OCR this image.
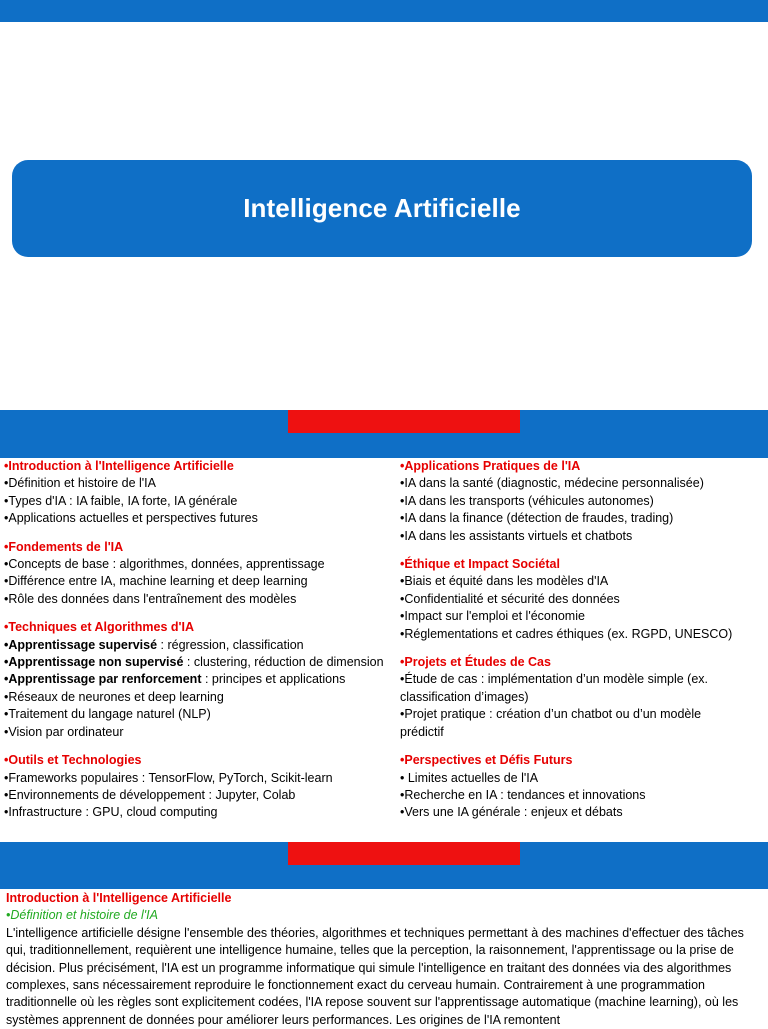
Intelligence Artificielle
•Introduction à l'Intelligence Artificielle
•Définition et histoire de l'IA
•Types d'IA : IA faible, IA forte, IA générale
•Applications actuelles et perspectives futures
•Fondements de l'IA
•Concepts de base : algorithmes, données, apprentissage
•Différence entre IA, machine learning et deep learning
•Rôle des données dans l'entraînement des modèles
•Techniques et Algorithmes d'IA
•Apprentissage supervisé : régression, classification
•Apprentissage non supervisé : clustering, réduction de dimension
•Apprentissage par renforcement : principes et applications
•Réseaux de neurones et deep learning
•Traitement du langage naturel (NLP)
•Vision par ordinateur
•Outils et Technologies
•Frameworks populaires : TensorFlow, PyTorch, Scikit-learn
•Environnements de développement : Jupyter, Colab
•Infrastructure : GPU, cloud computing
•Applications Pratiques de l'IA
•IA dans la santé (diagnostic, médecine personnalisée)
•IA dans les transports (véhicules autonomes)
•IA dans la finance (détection de fraudes, trading)
•IA dans les assistants virtuels et chatbots
•Éthique et Impact Sociétal
•Biais et équité dans les modèles d'IA
•Confidentialité et sécurité des données
•Impact sur l'emploi et l'économie
•Réglementations et cadres éthiques (ex. RGPD, UNESCO)
•Projets et Études de Cas
•Étude de cas : implémentation d’un modèle simple (ex.
classification d’images)
•Projet pratique : création d’un chatbot ou d’un modèle
prédictif
•Perspectives et Défis Futurs
• Limites actuelles de l'IA
•Recherche en IA : tendances et innovations
•Vers une IA générale : enjeux et débats
Introduction à l'Intelligence Artificielle
•Définition et histoire de l'IA
L'intelligence artificielle désigne l'ensemble des théories, algorithmes et techniques permettant à des machines d'effectuer des tâches qui, traditionnellement, requièrent une intelligence humaine, telles que la perception, la raisonnement, l'apprentissage ou la prise de décision. Plus précisément, l'IA est un programme informatique qui simule l'intelligence en traitant des données via des algorithmes complexes, sans nécessairement reproduire le fonctionnement exact du cerveau humain. Contrairement à une programmation traditionnelle où les règles sont explicitement codées, l'IA repose souvent sur l'apprentissage automatique (machine learning), où les systèmes apprennent de données pour améliorer leurs performances. Les origines de l'IA remontent
